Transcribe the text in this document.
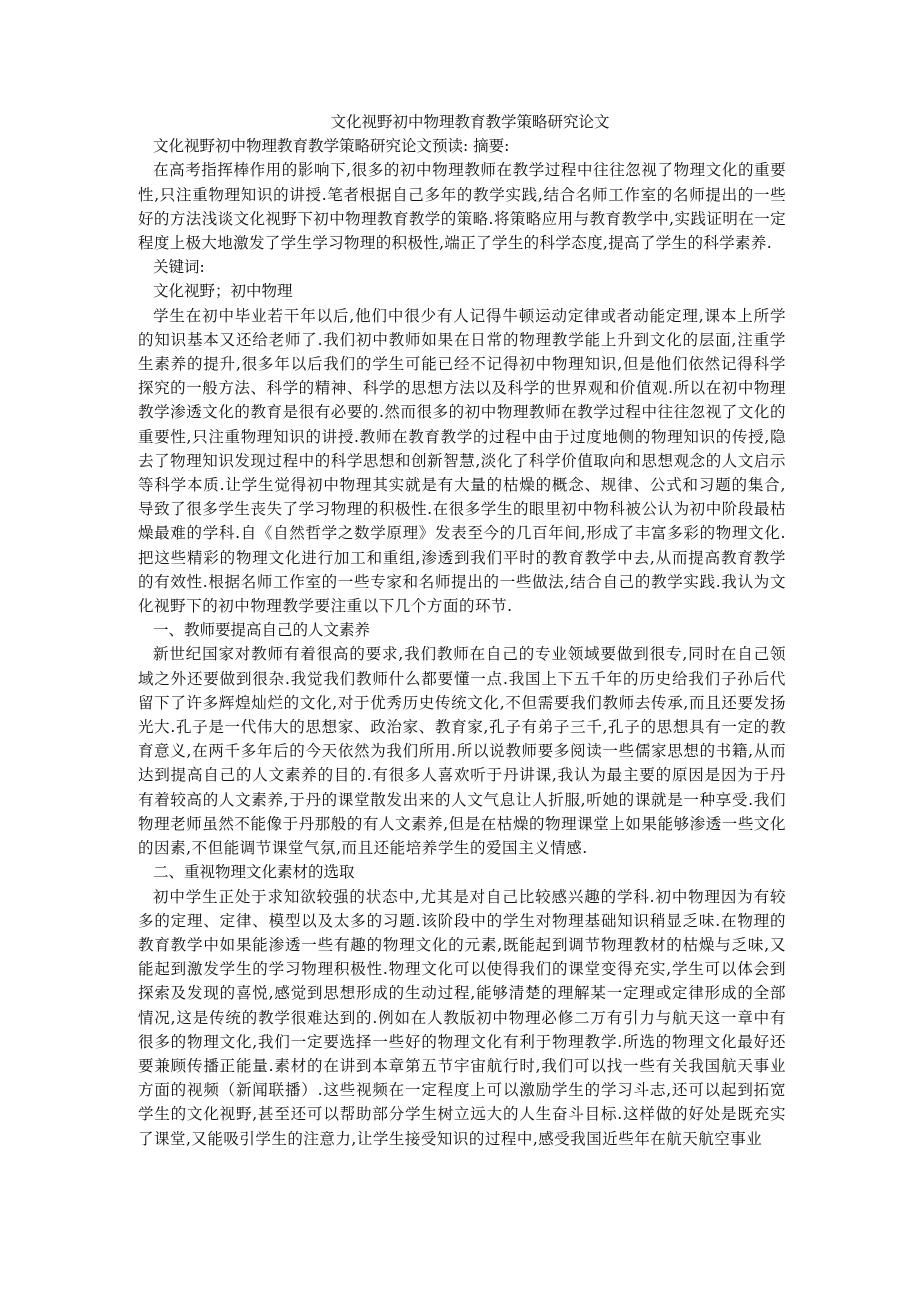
文化视野初中物理教育教学策略研究论文
文化视野初中物理教育教学策略研究论文预读: 摘要:
在高考指挥棒作用的影响下,很多的初中物理教师在教学过程中往往忽视了物理文化的重要性,只注重物理知识的讲授.笔者根据自己多年的教学实践,结合名师工作室的名师提出的一些好的方法浅谈文化视野下初中物理教育教学的策略.将策略应用与教育教学中,实践证明在一定程度上极大地激发了学生学习物理的积极性,端正了学生的科学态度,提高了学生的科学素养.
关键词:
文化视野；初中物理
学生在初中毕业若干年以后,他们中很少有人记得牛顿运动定律或者动能定理,课本上所学的知识基本又还给老师了.我们初中教师如果在日常的物理教学能上升到文化的层面,注重学生素养的提升,很多年以后我们的学生可能已经不记得初中物理知识,但是他们依然记得科学探究的一般方法、科学的精神、科学的思想方法以及科学的世界观和价值观.所以在初中物理教学渗透文化的教育是很有必要的.然而很多的初中物理教师在教学过程中往往忽视了文化的重要性,只注重物理知识的讲授.教师在教育教学的过程中由于过度地侧的物理知识的传授,隐去了物理知识发现过程中的科学思想和创新智慧,淡化了科学价值取向和思想观念的人文启示等科学本质.让学生觉得初中物理其实就是有大量的枯燥的概念、规律、公式和习题的集合,导致了很多学生丧失了学习物理的积极性.在很多学生的眼里初中物科被公认为初中阶段最枯燥最难的学科.自《自然哲学之数学原理》发表至今的几百年间,形成了丰富多彩的物理文化.把这些精彩的物理文化进行加工和重组,渗透到我们平时的教育教学中去,从而提高教育教学的有效性.根据名师工作室的一些专家和名师提出的一些做法,结合自己的教学实践.我认为文化视野下的初中物理教学要注重以下几个方面的环节.
一、教师要提高自己的人文素养
新世纪国家对教师有着很高的要求,我们教师在自己的专业领域要做到很专,同时在自己领域之外还要做到很杂.我觉我们教师什么都要懂一点.我国上下五千年的历史给我们子孙后代留下了许多辉煌灿烂的文化,对于优秀历史传统文化,不但需要我们教师去传承,而且还要发扬光大.孔子是一代伟大的思想家、政治家、教育家,孔子有弟子三千,孔子的思想具有一定的教育意义,在两千多年后的今天依然为我们所用.所以说教师要多阅读一些儒家思想的书籍,从而达到提高自己的人文素养的目的.有很多人喜欢听于丹讲课,我认为最主要的原因是因为于丹有着较高的人文素养,于丹的课堂散发出来的人文气息让人折服,听她的课就是一种享受.我们物理老师虽然不能像于丹那般的有人文素养,但是在枯燥的物理课堂上如果能够渗透一些文化的因素,不但能调节课堂气氛,而且还能培养学生的爱国主义情感.
二、重视物理文化素材的选取
初中学生正处于求知欲较强的状态中,尤其是对自己比较感兴趣的学科.初中物理因为有较多的定理、定律、模型以及太多的习题.该阶段中的学生对物理基础知识稍显乏味.在物理的教育教学中如果能渗透一些有趣的物理文化的元素,既能起到调节物理教材的枯燥与乏味,又能起到激发学生的学习物理积极性.物理文化可以使得我们的课堂变得充实,学生可以体会到探索及发现的喜悦,感觉到思想形成的生动过程,能够清楚的理解某一定理或定律形成的全部情况,这是传统的教学很难达到的.例如在人教版初中物理必修二万有引力与航天这一章中有很多的物理文化,我们一定要选择一些好的物理文化有利于物理教学.所选的物理文化最好还要兼顾传播正能量.素材的在讲到本章第五节宇宙航行时,我们可以找一些有关我国航天事业方面的视频（新闻联播）.这些视频在一定程度上可以激励学生的学习斗志,还可以起到拓宽学生的文化视野,甚至还可以帮助部分学生树立远大的人生奋斗目标.这样做的好处是既充实了课堂,又能吸引学生的注意力,让学生接受知识的过程中,感受我国近些年在航天航空事业
